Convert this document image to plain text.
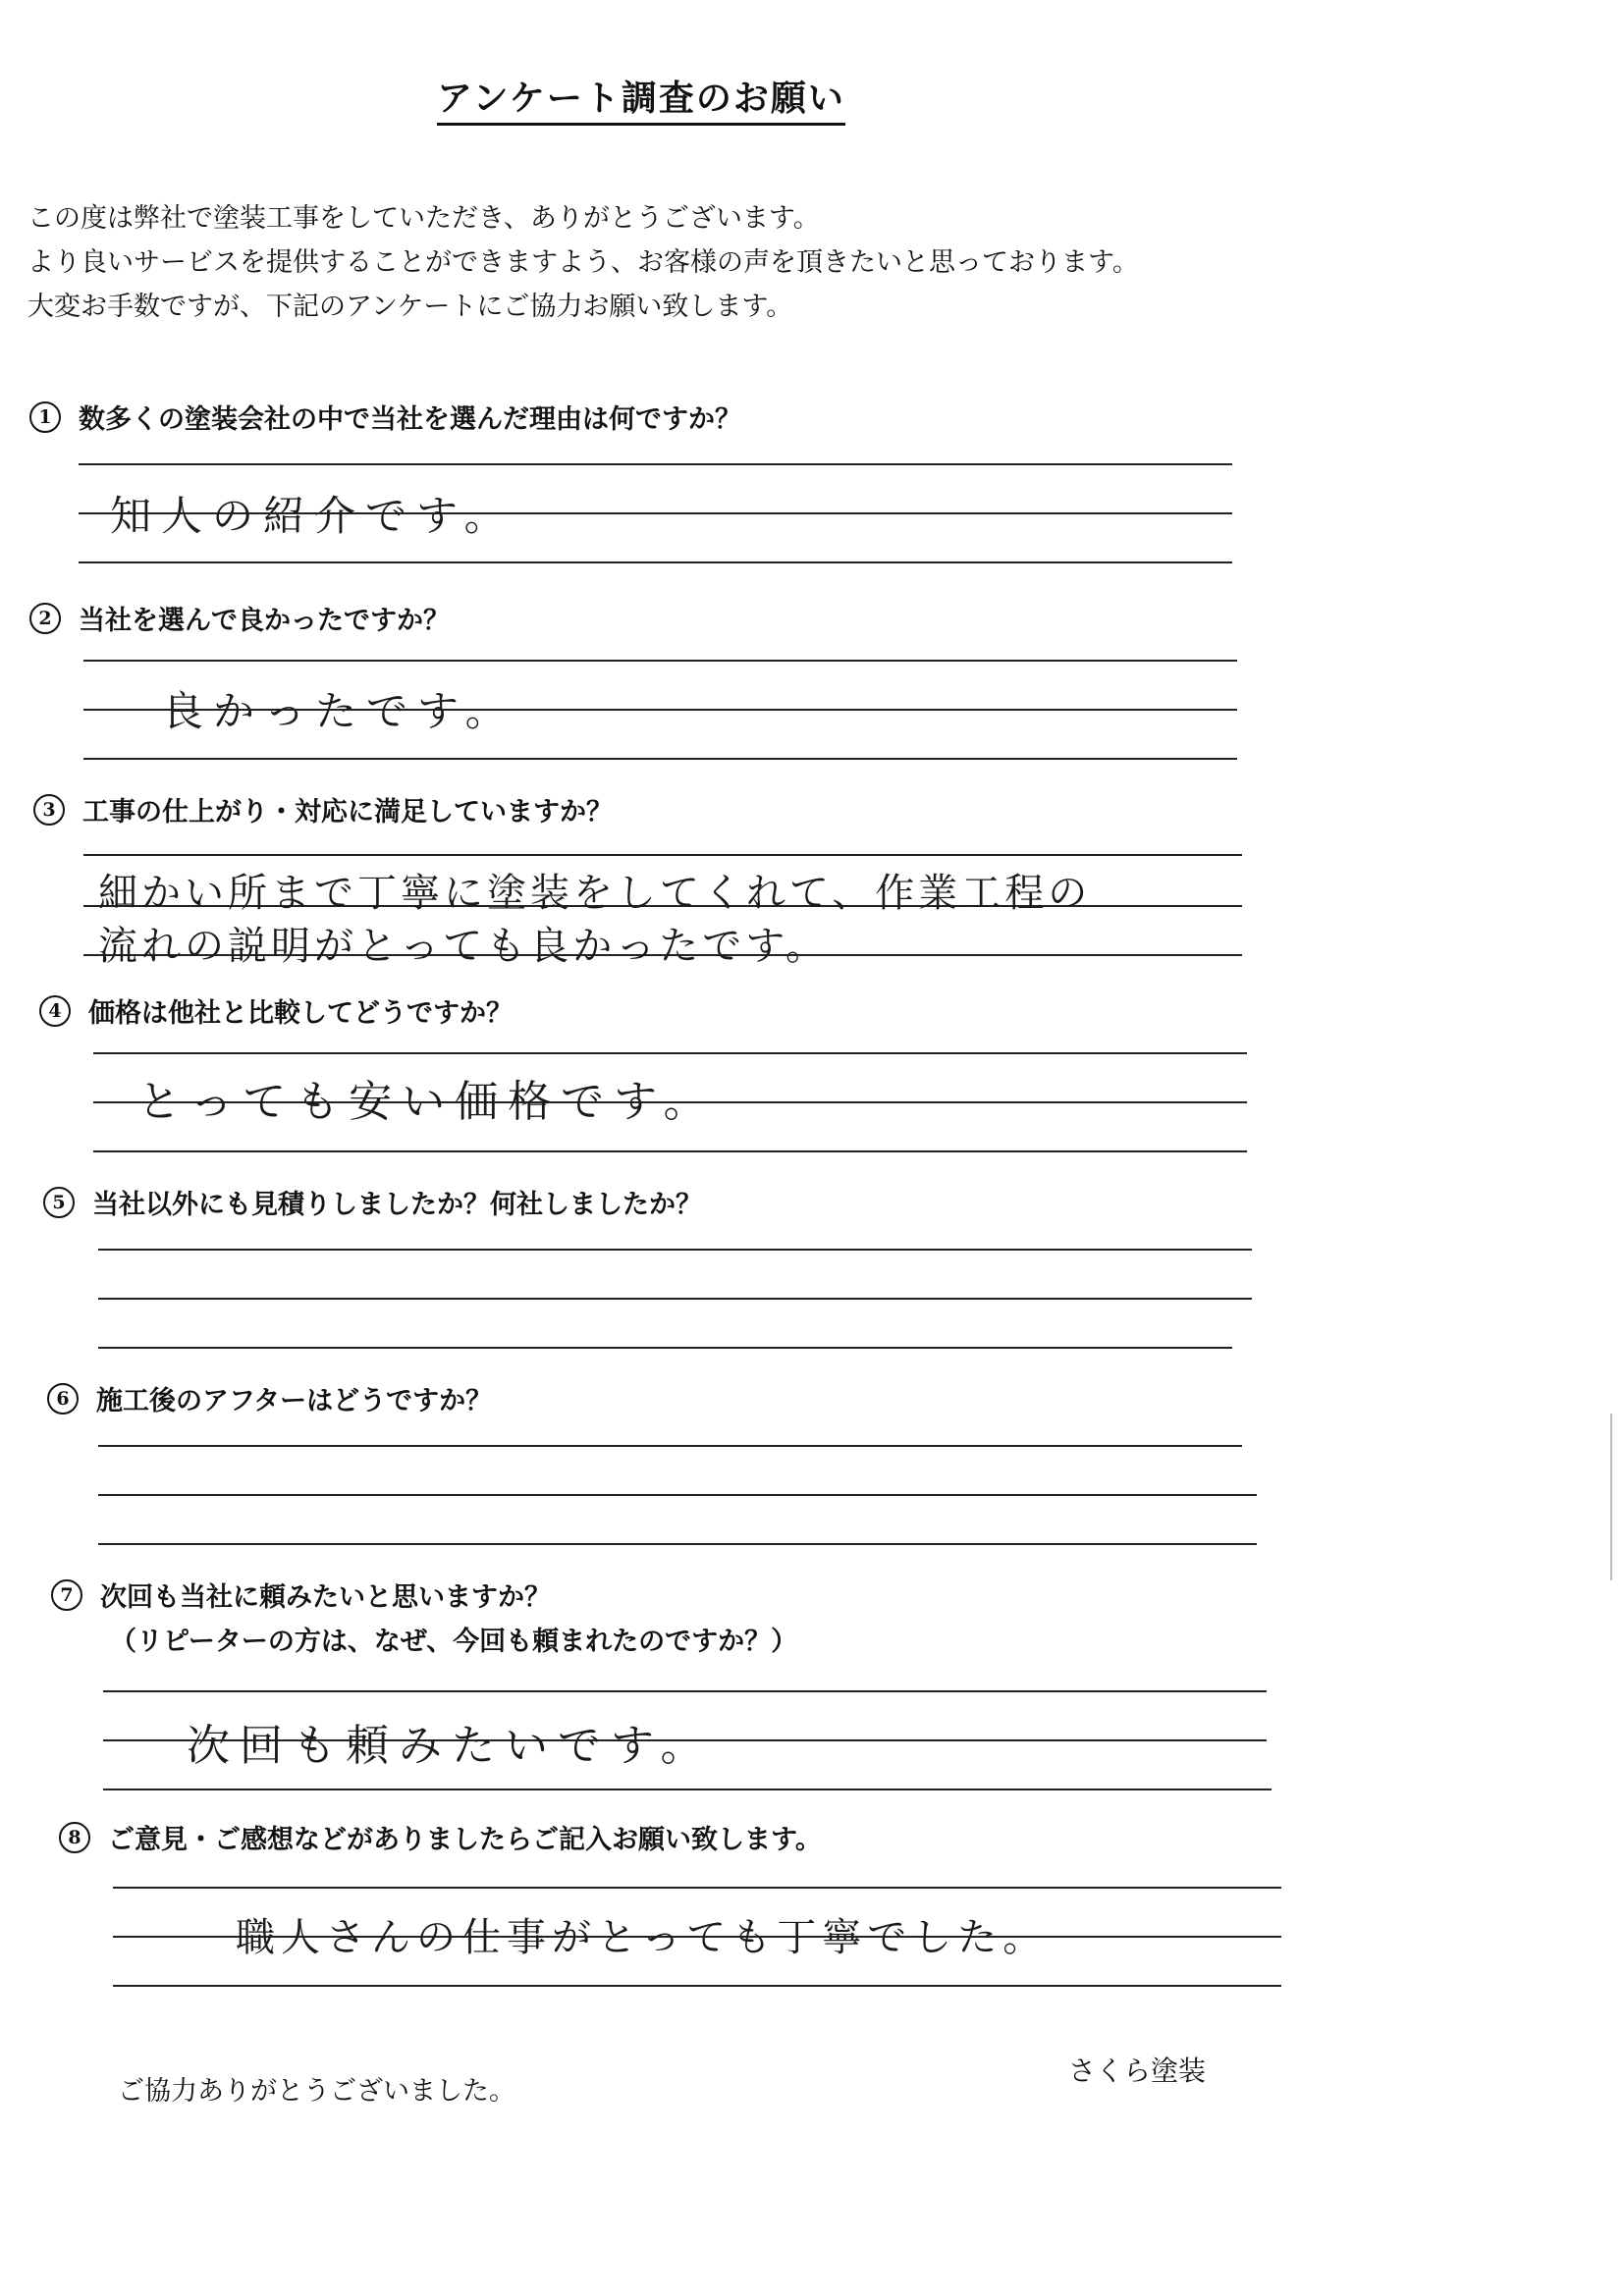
アンケート調査のお願い

この度は弊社で塗装工事をしていただき、ありがとうございます。

より良いサービスを提供することができますよう、お客様の声を頂きたいと思っております。

大変お手数ですが、下記のアンケートにご協力お願い致します。

1	数多くの塗装会社の中で当社を選んだ理由は何ですか？
知人の紹介です。
2	当社を選んで良かったですか？
良かったです。
3	工事の仕上がり・対応に満足していますか？
細かい所まで丁寧に塗装をしてくれて、作業工程の
流れの説明がとっても良かったです。
4	価格は他社と比較してどうですか？
とっても安い価格です。
5	当社以外にも見積りしましたか？何社しましたか？
6	施工後のアフターはどうですか？
7	次回も当社に頼みたいと思いますか？
（リピーターの方は、なぜ、今回も頼まれたのですか？）
次回も頼みたいです。
8	ご意見・ご感想などがありましたらご記入お願い致します。
職人さんの仕事がとっても丁寧でした。
ご協力ありがとうございました。
さくら塗装
